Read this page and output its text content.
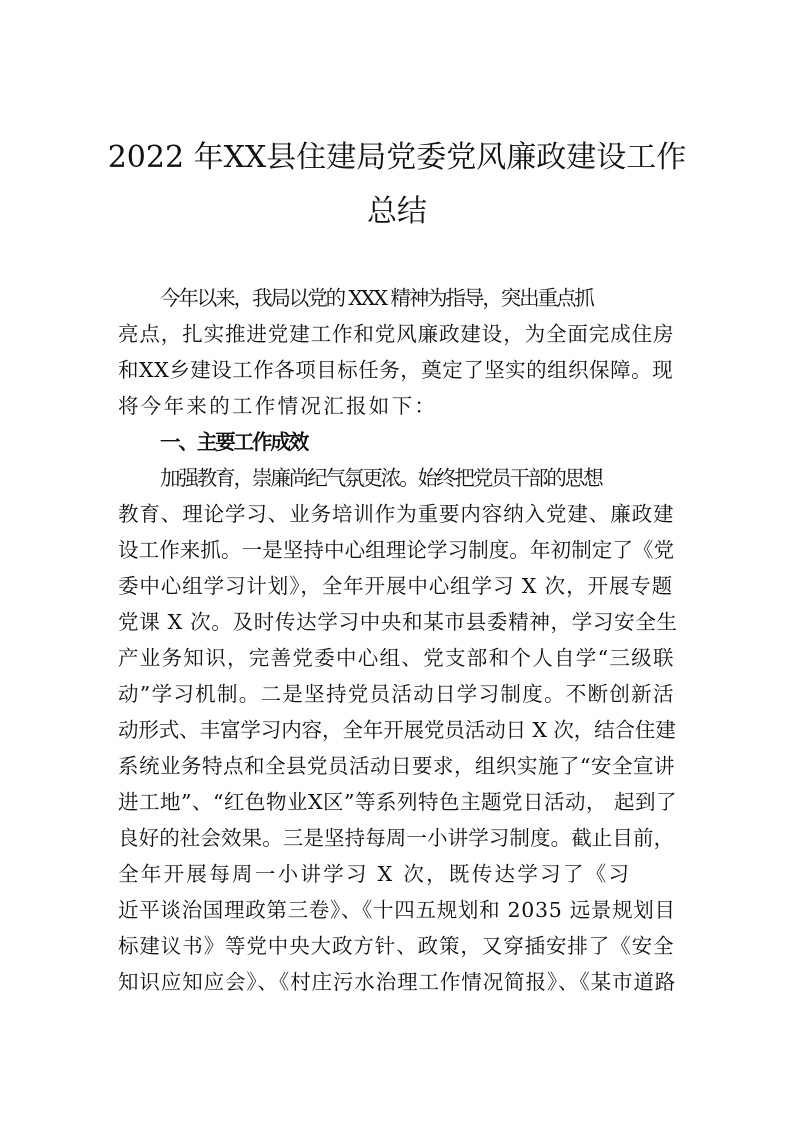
2022 年XX县住建局党委党风廉政建设工作
总结
今年以来，我局以党的 XXX 精神为指导，突出重点抓
亮点，扎实推进党建工作和党风廉政建设，为全面完成住房
和XX乡建设工作各项目标任务，奠定了坚实的组织保障。现
将今年来的工作情况汇报如下：
一、主要工作成效
加强教育，崇廉尚纪气氛更浓。始终把党员干部的思想
教育、理论学习、业务培训作为重要内容纳入党建、廉政建
设工作来抓。一是坚持中心组理论学习制度。年初制定了《党
委中心组学习计划》，全年开展中心组学习 X 次，开展专题
党课 X 次。及时传达学习中央和某市县委精神，学习安全生
产业务知识，完善党委中心组、党支部和个人自学“三级联
动”学习机制。二是坚持党员活动日学习制度。不断创新活
动形式、丰富学习内容，全年开展党员活动日 X 次，结合住建
系统业务特点和全县党员活动日要求，组织实施了“安全宣讲
进工地”、“红色物业X区”等系列特色主题党日活动， 起到了
良好的社会效果。三是坚持每周一小讲学习制度。截止目前，
全年开展每周一小讲学习 X 次，既传达学习了《习
近平谈治国理政第三卷》、《十四五规划和 2035 远景规划目
标建议书》等党中央大政方针、政策，又穿插安排了《安全
知识应知应会》、《村庄污水治理工作情况简报》、《某市道路
